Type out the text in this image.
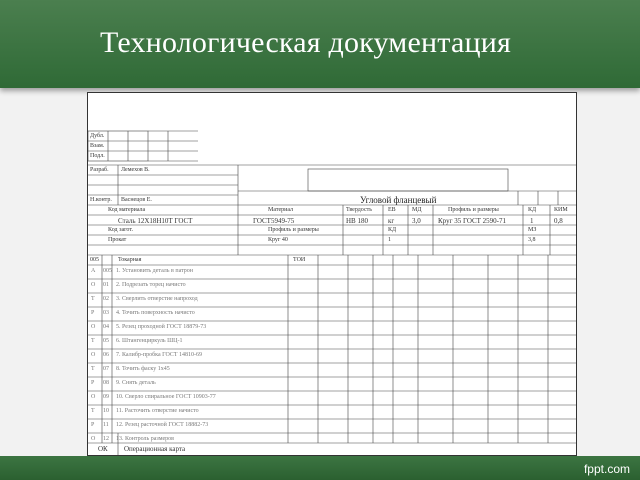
Технологическая документация
Дубл.
Взам.
Подл.
Разраб. Лемехов В.
Н.контр. Васнецов Е.	Угловой фланцевый
Код материала	Материал	Твердость	ЕВ	МД	Профиль и размеры	КД	КИМ
Сталь 12Х18Н10Т ГОСТ	ГОСТ5949-75	НВ 180	кг	3,0 Круг 35 ГОСТ 2590-71	1	0,8
Код загот.	Профиль и размеры	КД	МЗ
Прокат	Круг 40	1	3,8
005	Токарная	ТОИ
А 005 1. Установить деталь в патрон
О 01 2. Подрезать торец начисто
Т 02 3. Сверлить отверстие напроход
Р 03 4. Точить поверхность начисто
О 04 5. Резец проходной ГОСТ 18879-73
Т 05 6. Штангенциркуль ШЦ-1
О 06 7. Калибр-пробка ГОСТ 14810-69
Т 07 8. Точить фаску 1х45
Р 08 9. Снять деталь
О 09 10. Сверло спиральное ГОСТ 10903-77
Т 10 11. Расточить отверстие начисто
Р 11 12. Резец расточной ГОСТ 18882-73
О 12 13. Контроль размеров
ОК Операционная карта
fppt.com
